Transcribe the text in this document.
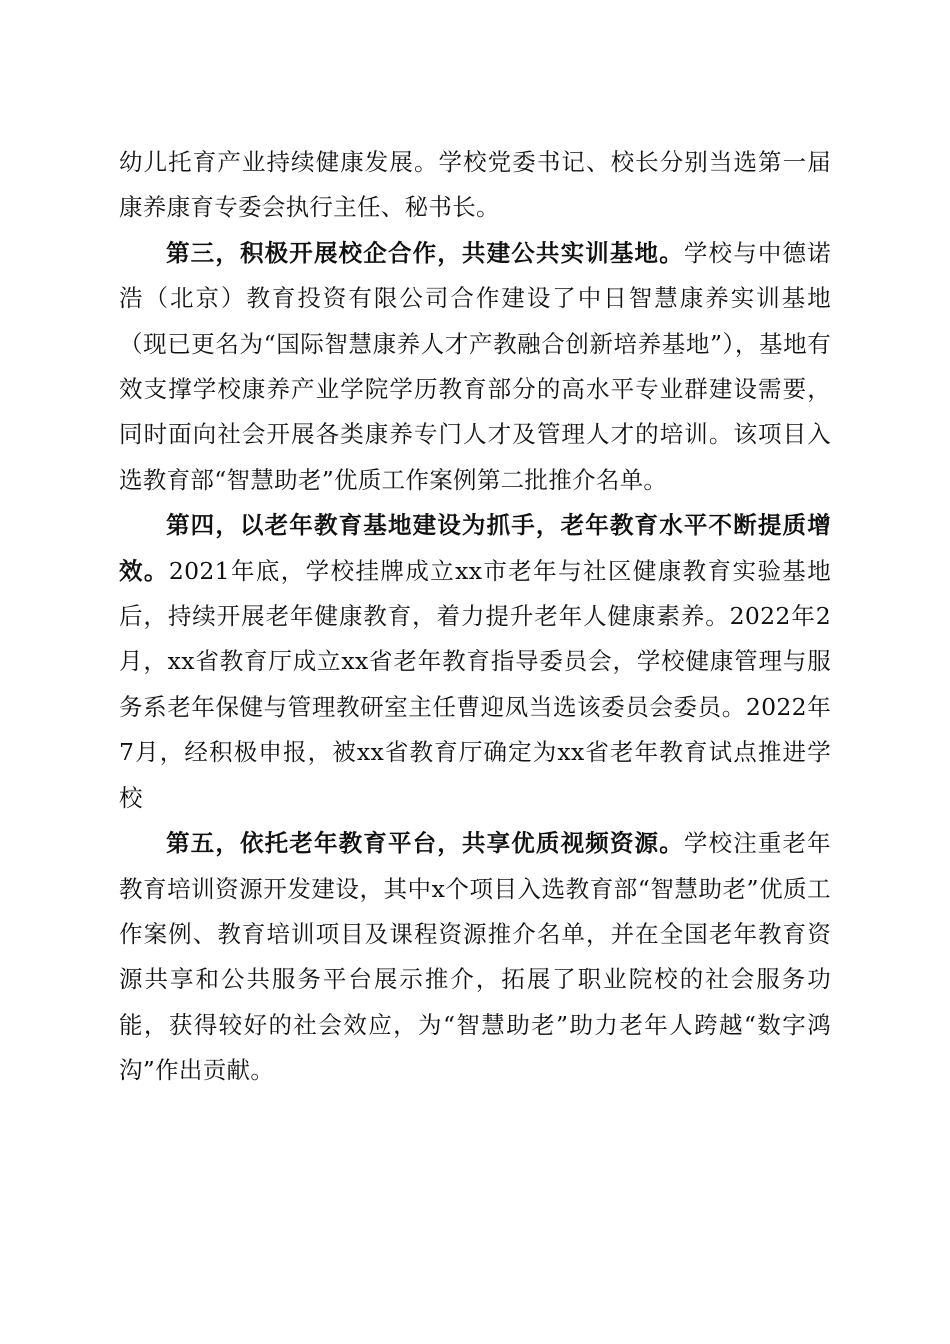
幼儿托育产业持续健康发展。学校党委书记、校长分别当选第一届康养康育专委会执行主任、秘书长。

第三，积极开展校企合作，共建公共实训基地。学校与中德诺浩（北京）教育投资有限公司合作建设了中日智慧康养实训基地（现已更名为“国际智慧康养人才产教融合创新培养基地”），基地有效支撑学校康养产业学院学历教育部分的高水平专业群建设需要，同时面向社会开展各类康养专门人才及管理人才的培训。该项目入选教育部“智慧助老”优质工作案例第二批推介名单。

第四，以老年教育基地建设为抓手，老年教育水平不断提质增效。2021年底，学校挂牌成立xx市老年与社区健康教育实验基地后，持续开展老年健康教育，着力提升老年人健康素养。2022年2月，xx省教育厅成立xx省老年教育指导委员会，学校健康管理与服务系老年保健与管理教研室主任曹迎凤当选该委员会委员。2022年7月，经积极申报，被xx省教育厅确定为xx省老年教育试点推进学校

第五，依托老年教育平台，共享优质视频资源。学校注重老年教育培训资源开发建设，其中x个项目入选教育部“智慧助老”优质工作案例、教育培训项目及课程资源推介名单，并在全国老年教育资源共享和公共服务平台展示推介，拓展了职业院校的社会服务功能，获得较好的社会效应，为“智慧助老”助力老年人跨越“数字鸿沟”作出贡献。
